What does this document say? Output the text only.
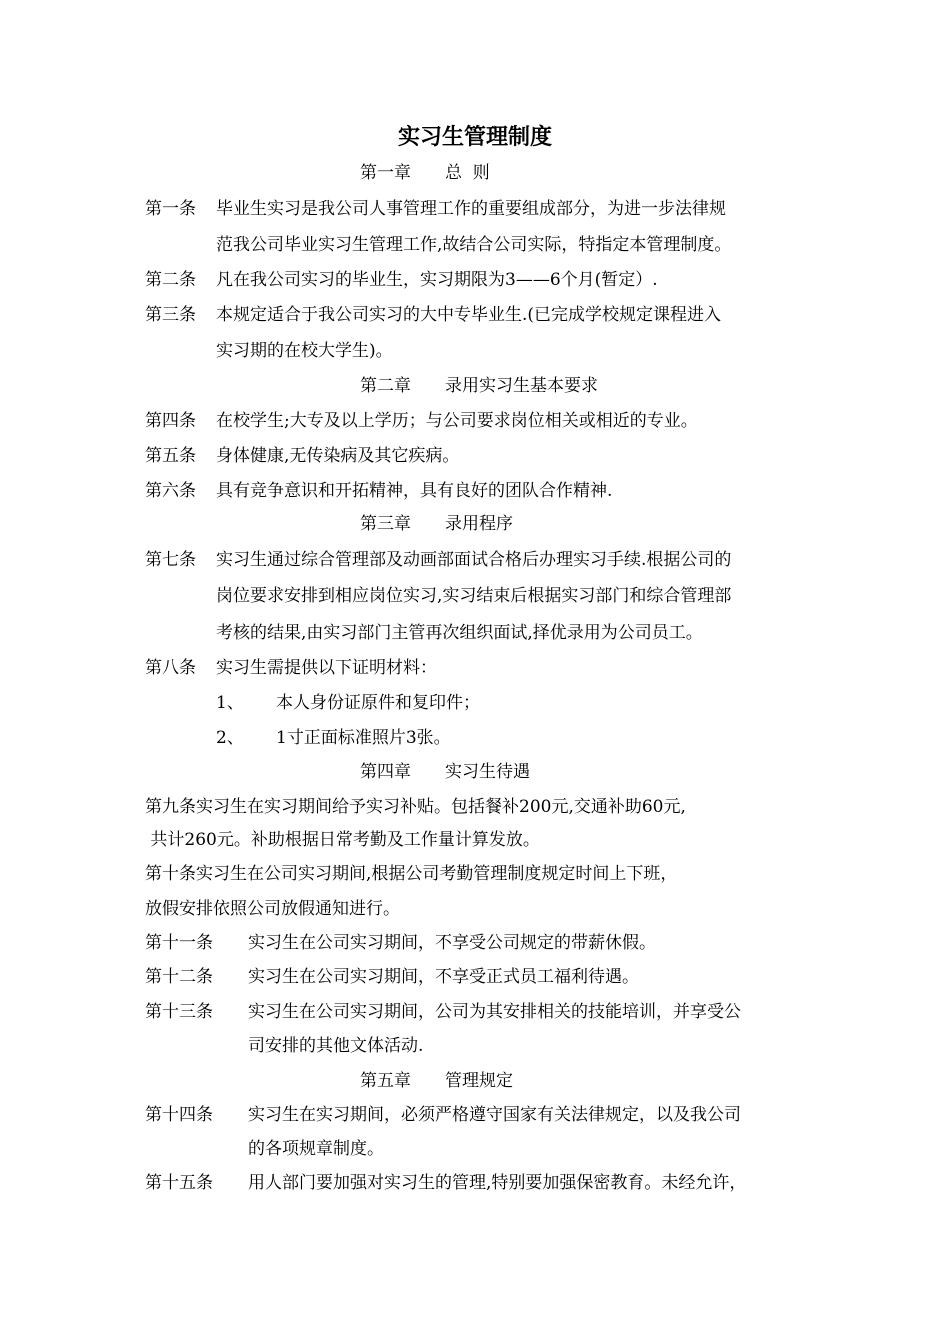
实习生管理制度
第一章 总  则
第一条 毕业生实习是我公司人事管理工作的重要组成部分，为进一步法律规
范我公司毕业实习生管理工作,故结合公司实际，特指定本管理制度。
第二条 凡在我公司实习的毕业生，实习期限为3——6个月(暂定）.
第三条 本规定适合于我公司实习的大中专毕业生.(已完成学校规定课程进入
实习期的在校大学生)。
第二章 录用实习生基本要求
第四条 在校学生;大专及以上学历；与公司要求岗位相关或相近的专业。
第五条 身体健康,无传染病及其它疾病。
第六条 具有竞争意识和开拓精神，具有良好的团队合作精神.
第三章 录用程序
第七条 实习生通过综合管理部及动画部面试合格后办理实习手续.根据公司的
岗位要求安排到相应岗位实习,实习结束后根据实习部门和综合管理部
考核的结果,由实习部门主管再次组织面试,择优录用为公司员工。
第八条 实习生需提供以下证明材料：
1、 本人身份证原件和复印件；
2、 1寸正面标准照片3张。
第四章 实习生待遇
第九条实习生在实习期间给予实习补贴。包括餐补200元,交通补助60元,
共计260元。补助根据日常考勤及工作量计算发放。
第十条实习生在公司实习期间,根据公司考勤管理制度规定时间上下班，
放假安排依照公司放假通知进行。
第十一条 实习生在公司实习期间，不享受公司规定的带薪休假。
第十二条 实习生在公司实习期间，不享受正式员工福利待遇。
第十三条 实习生在公司实习期间，公司为其安排相关的技能培训，并享受公
司安排的其他文体活动.
第五章 管理规定
第十四条 实习生在实习期间，必须严格遵守国家有关法律规定，以及我公司
的各项规章制度。
第十五条 用人部门要加强对实习生的管理,特别要加强保密教育。未经允许，
